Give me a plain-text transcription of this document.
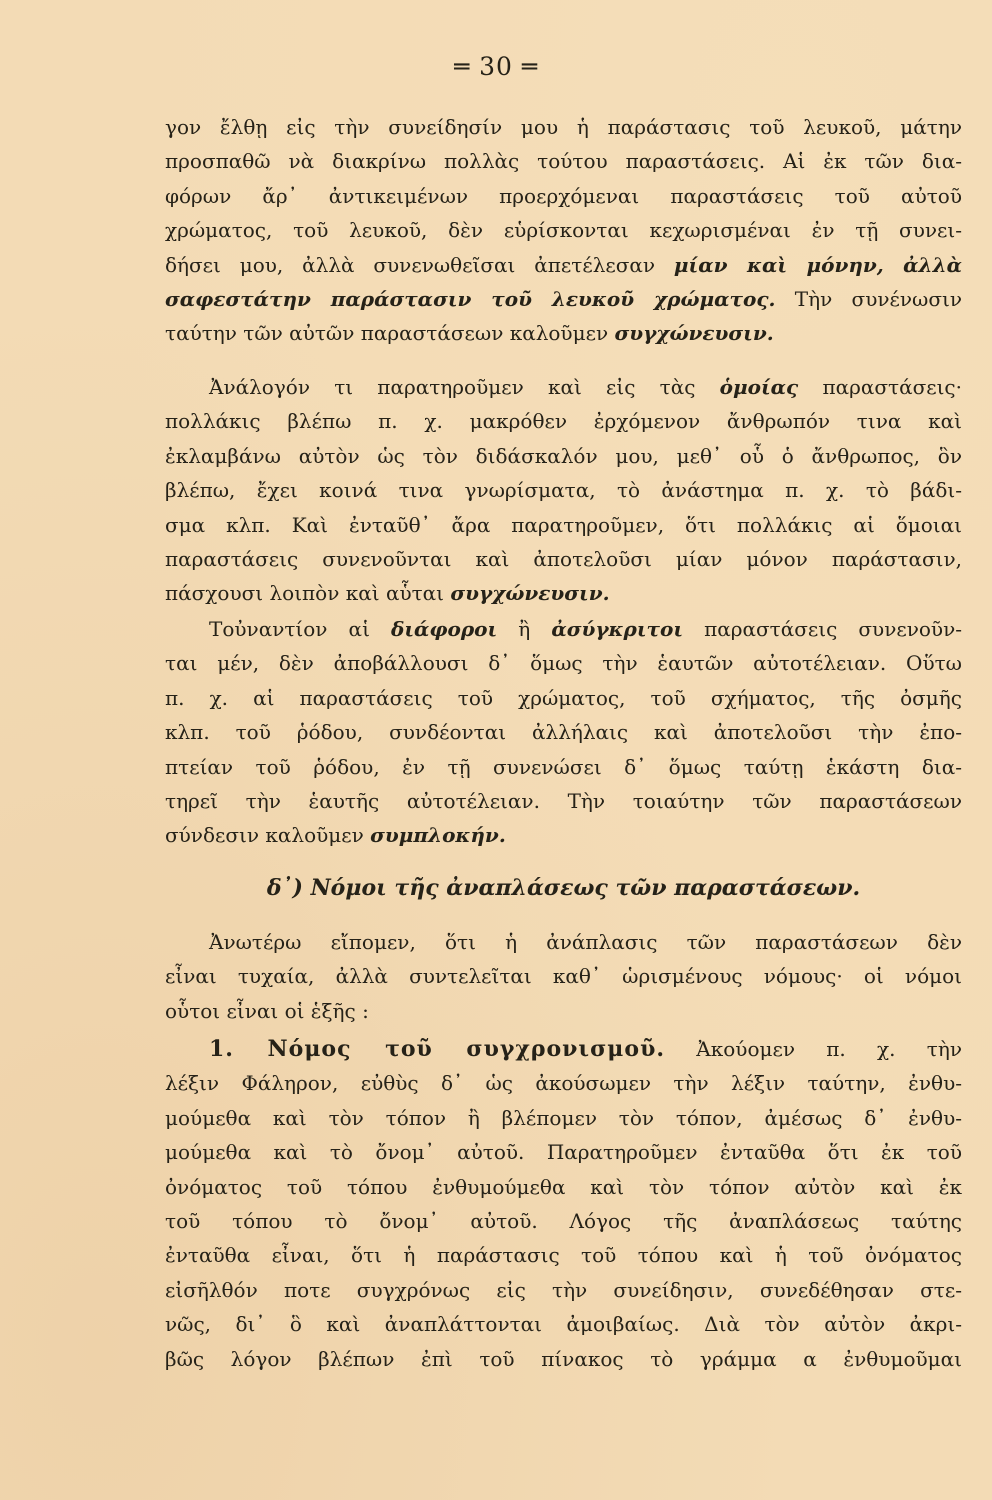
═ 30 ═
γον ἔλθῃ εἰς τὴν συνείδησίν μου ἡ παράστασις τοῦ λευκοῦ, μάτην
προσπαθῶ νὰ διακρίνω πολλὰς τούτου παραστάσεις. Αἱ ἐκ τῶν δια-
φόρων ἄρ᾽ ἀντικειμένων προερχόμεναι παραστάσεις τοῦ αὐτοῦ
χρώματος, τοῦ λευκοῦ, δὲν εὑρίσκονται κεχωρισμέναι ἐν τῇ συνει-
δήσει μου, ἀλλὰ συνενωθεῖσαι ἀπετέλεσαν μίαν καὶ μόνην, ἀλλὰ
σαφεστάτην παράστασιν τοῦ λευκοῦ χρώματος. Τὴν συνένωσιν
ταύτην τῶν αὐτῶν παραστάσεων καλοῦμεν συγχώνευσιν.
Ἀνάλογόν τι παρατηροῦμεν καὶ εἰς τὰς ὁμοίας παραστάσεις·
πολλάκις βλέπω π. χ. μακρόθεν ἐρχόμενον ἄνθρωπόν τινα καὶ
ἐκλαμβάνω αὐτὸν ὡς τὸν διδάσκαλόν μου, μεθ᾽ οὗ ὁ ἄνθρωπος, ὃν
βλέπω, ἔχει κοινά τινα γνωρίσματα, τὸ ἀνάστημα π. χ. τὸ βάδι-
σμα κλπ. Καὶ ἐνταῦθ᾽ ἄρα παρατηροῦμεν, ὅτι πολλάκις αἱ ὅμοιαι
παραστάσεις συνενοῦνται καὶ ἀποτελοῦσι μίαν μόνον παράστασιν,
πάσχουσι λοιπὸν καὶ αὗται συγχώνευσιν.
Τοὐναντίον αἱ διάφοροι ἢ ἀσύγκριτοι παραστάσεις συνενοῦν-
ται μέν, δὲν ἀποβάλλουσι δ᾽ ὅμως τὴν ἑαυτῶν αὐτοτέλειαν. Οὕτω
π. χ. αἱ παραστάσεις τοῦ χρώματος, τοῦ σχήματος, τῆς ὀσμῆς
κλπ. τοῦ ῥόδου, συνδέονται ἀλλήλαις καὶ ἀποτελοῦσι τὴν ἐπο-
πτείαν τοῦ ῥόδου, ἐν τῇ συνενώσει δ᾽ ὅμως ταύτῃ ἑκάστη δια-
τηρεῖ τὴν ἑαυτῆς αὐτοτέλειαν. Τὴν τοιαύτην τῶν παραστάσεων
σύνδεσιν καλοῦμεν συμπλοκήν.
δ᾽) Νόμοι τῆς ἀναπλάσεως τῶν παραστάσεων.
Ἀνωτέρω εἴπομεν, ὅτι ἡ ἀνάπλασις τῶν παραστάσεων δὲν
εἶναι τυχαία, ἀλλὰ συντελεῖται καθ᾽ ὡρισμένους νόμους· οἱ νόμοι
οὗτοι εἶναι οἱ ἑξῆς :
1. Νόμος τοῦ συγχρονισμοῦ. Ἀκούομεν π. χ. τὴν
λέξιν Φάληρον, εὐθὺς δ᾽ ὡς ἀκούσωμεν τὴν λέξιν ταύτην, ἐνθυ-
μούμεθα καὶ τὸν τόπον ἢ βλέπομεν τὸν τόπον, ἀμέσως δ᾽ ἐνθυ-
μούμεθα καὶ τὸ ὄνομ᾽ αὐτοῦ. Παρατηροῦμεν ἐνταῦθα ὅτι ἐκ τοῦ
ὀνόματος τοῦ τόπου ἐνθυμούμεθα καὶ τὸν τόπον αὐτὸν καὶ ἐκ
τοῦ τόπου τὸ ὄνομ᾽ αὐτοῦ. Λόγος τῆς ἀναπλάσεως ταύτης
ἐνταῦθα εἶναι, ὅτι ἡ παράστασις τοῦ τόπου καὶ ἡ τοῦ ὀνόματος
εἰσῆλθόν ποτε συγχρόνως εἰς τὴν συνείδησιν, συνεδέθησαν στε-
νῶς, δι᾽ ὃ καὶ ἀναπλάττονται ἀμοιβαίως. Διὰ τὸν αὐτὸν ἀκρι-
βῶς λόγον βλέπων ἐπὶ τοῦ πίνακος τὸ γράμμα α ἐνθυμοῦμαι
